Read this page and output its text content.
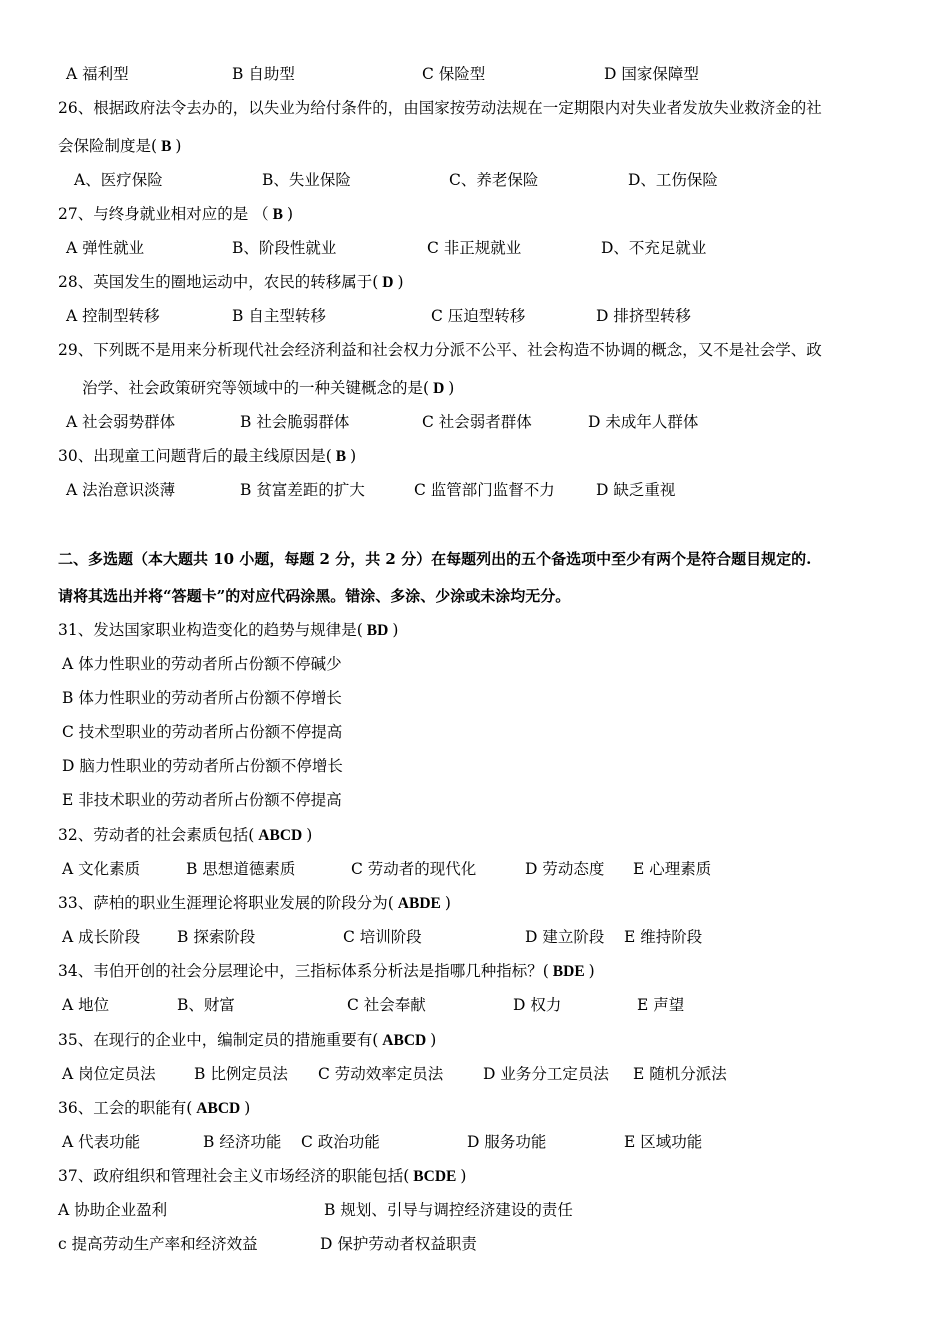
A 福利型	B 自助型	C 保险型	D 国家保障型
26、根据政府法令去办的，以失业为给付条件的，由国家按劳动法规在一定期限内对失业者发放失业救济金的社
会保险制度是( B )
A、医疗保险	B、失业保险	C、养老保险	D、工伤保险
27、与终身就业相对应的是 （ B )
A 弹性就业	B、阶段性就业	C 非正规就业	D、不充足就业
28、英国发生的圈地运动中，农民的转移属于( D )
A 控制型转移	B 自主型转移	C 压迫型转移	D 排挤型转移
29、下列既不是用来分析现代社会经济利益和社会权力分派不公平、社会构造不协调的概念，又不是社会学、政
治学、社会政策研究等领域中的一种关键概念的是( D )
A 社会弱势群体	B 社会脆弱群体	C 社会弱者群体	D 未成年人群体
30、出现童工问题背后的最主线原因是( B )
A 法治意识淡薄	B 贫富差距的扩大	C 监管部门监督不力	D 缺乏重视
二、多选题（本大题共 10 小题，每题 2 分，共 2 分）在每题列出的五个备选项中至少有两个是符合题目规定的.
请将其选出并将“答题卡”的对应代码涂黑。错涂、多涂、少涂或未涂均无分。
31、发达国家职业构造变化的趋势与规律是( BD )
A 体力性职业的劳动者所占份额不停碱少
B 体力性职业的劳动者所占份额不停增长
C 技术型职业的劳动者所占份额不停提高
D 脑力性职业的劳动者所占份额不停增长
E 非技术职业的劳动者所占份额不停提高
32、劳动者的社会素质包括( ABCD )
A 文化素质	B 思想道德素质	C 劳动者的现代化	D 劳动态度 E 心理素质
33、萨柏的职业生涯理论将职业发展的阶段分为( ABDE )
A 成长阶段 B 探索阶段	C 培训阶段	D 建立阶段 E 维持阶段
34、韦伯开创的社会分层理论中，三指标体系分析法是指哪几种指标？( BDE )
A 地位	B、财富	C 社会奉献	D 权力	E 声望
35、在现行的企业中，编制定员的措施重要有( ABCD )
A 岗位定员法 B 比例定员法 C 劳动效率定员法	D 业务分工定员法 E 随机分派法
36、工会的职能有( ABCD )
A 代表功能	B 经济功能 C 政治功能	D 服务功能	E 区域功能
37、政府组织和管理社会主义市场经济的职能包括( BCDE )
A 协助企业盈利	B 规划、引导与调控经济建设的责任
c 提高劳动生产率和经济效益	D 保护劳动者权益职责
